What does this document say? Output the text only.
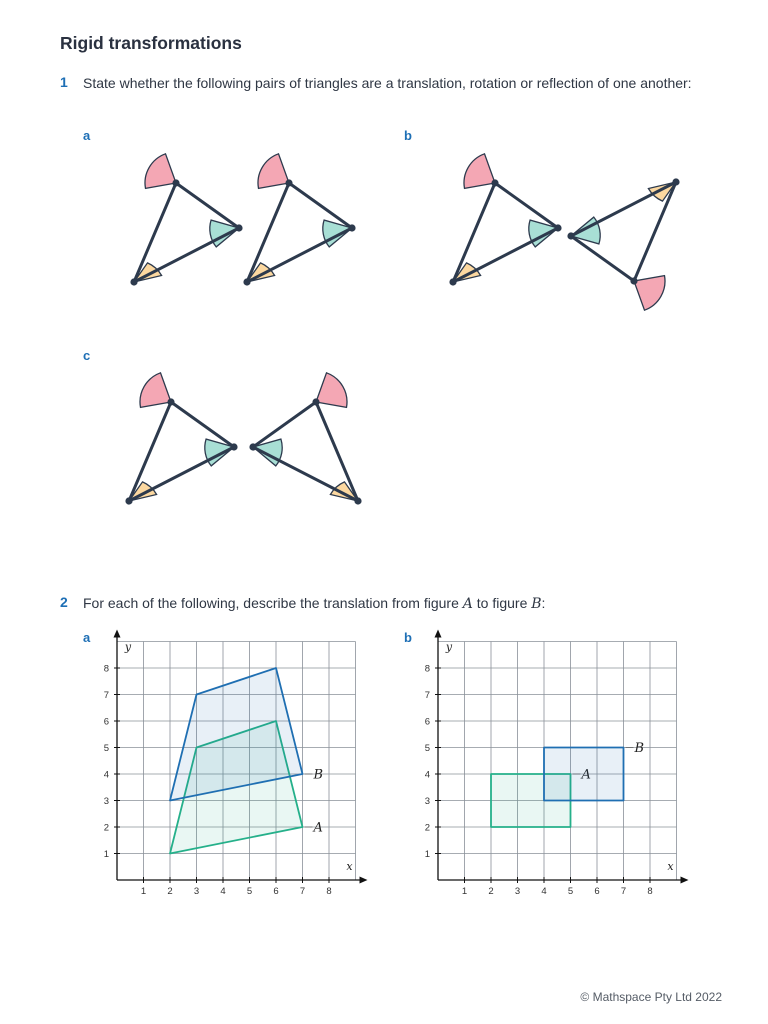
Rigid transformations
1 State whether the following pairs of triangles are a translation, rotation or reflection of one another:
a	b
c
2 For each of the following, describe the translation from figure A to figure B:
a	b
A
B
1 2 3 4 5 6 7 8
1
2
3
4
5
6
7
8
x
y
A
B
1 2 3 4 5 6 7 8
1
2
3
4
5
6
7
8
x
y
© Mathspace Pty Ltd 2022
